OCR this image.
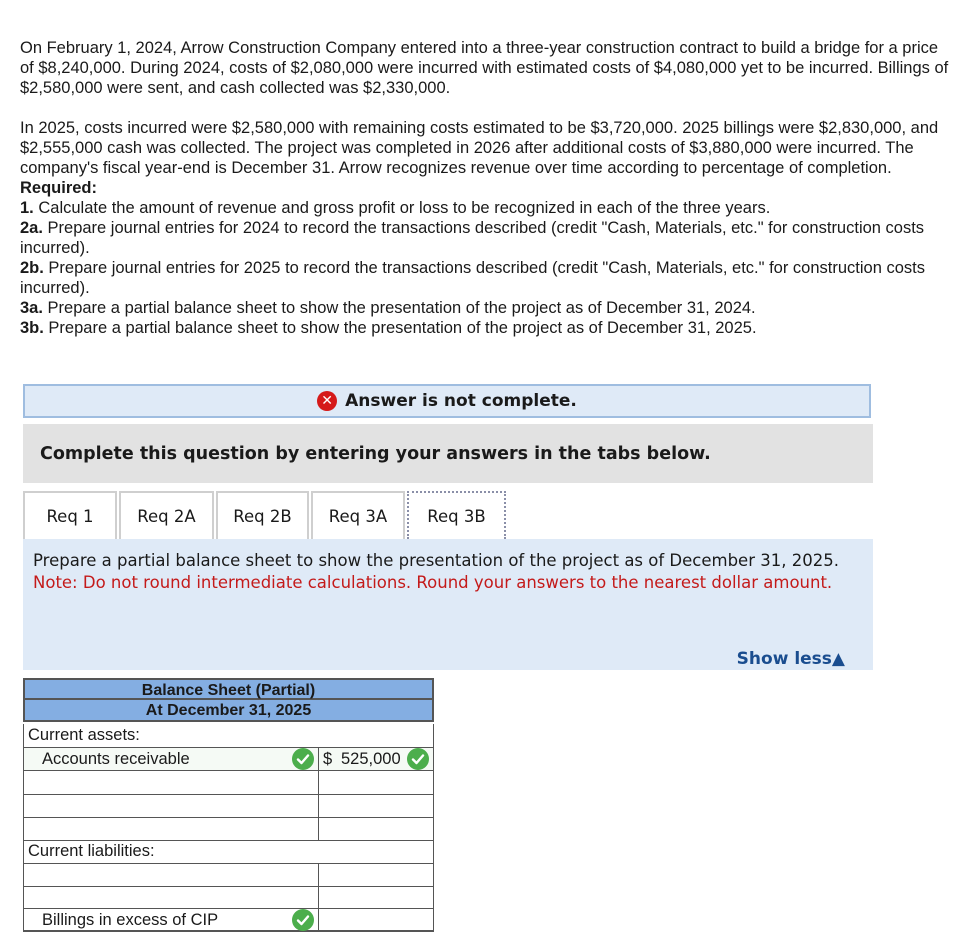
On February 1, 2024, Arrow Construction Company entered into a three-year construction contract to build a bridge for a price of $8,240,000. During 2024, costs of $2,080,000 were incurred with estimated costs of $4,080,000 yet to be incurred. Billings of $2,580,000 were sent, and cash collected was $2,330,000.

In 2025, costs incurred were $2,580,000 with remaining costs estimated to be $3,720,000. 2025 billings were $2,830,000, and $2,555,000 cash was collected. The project was completed in 2026 after additional costs of $3,880,000 were incurred. The company's fiscal year-end is December 31. Arrow recognizes revenue over time according to percentage of completion.

Required:

1. Calculate the amount of revenue and gross profit or loss to be recognized in each of the three years.

2a. Prepare journal entries for 2024 to record the transactions described (credit "Cash, Materials, etc." for construction costs incurred).

2b. Prepare journal entries for 2025 to record the transactions described (credit "Cash, Materials, etc." for construction costs incurred).

3a. Prepare a partial balance sheet to show the presentation of the project as of December 31, 2024.

3b. Prepare a partial balance sheet to show the presentation of the project as of December 31, 2025.

✕ Answer is not complete.
Complete this question by entering your answers in the tabs below.
Req 1	Req 2A	Req 2B	Req 3A	Req 3B
Prepare a partial balance sheet to show the presentation of the project as of December 31, 2025.
Note: Do not round intermediate calculations. Round your answers to the nearest dollar amount.
Show less▲
Balance Sheet (Partial)
At December 31, 2025
Current assets:
Accounts receivable	$ 525,000
Current liabilities:
Billings in excess of CIP
